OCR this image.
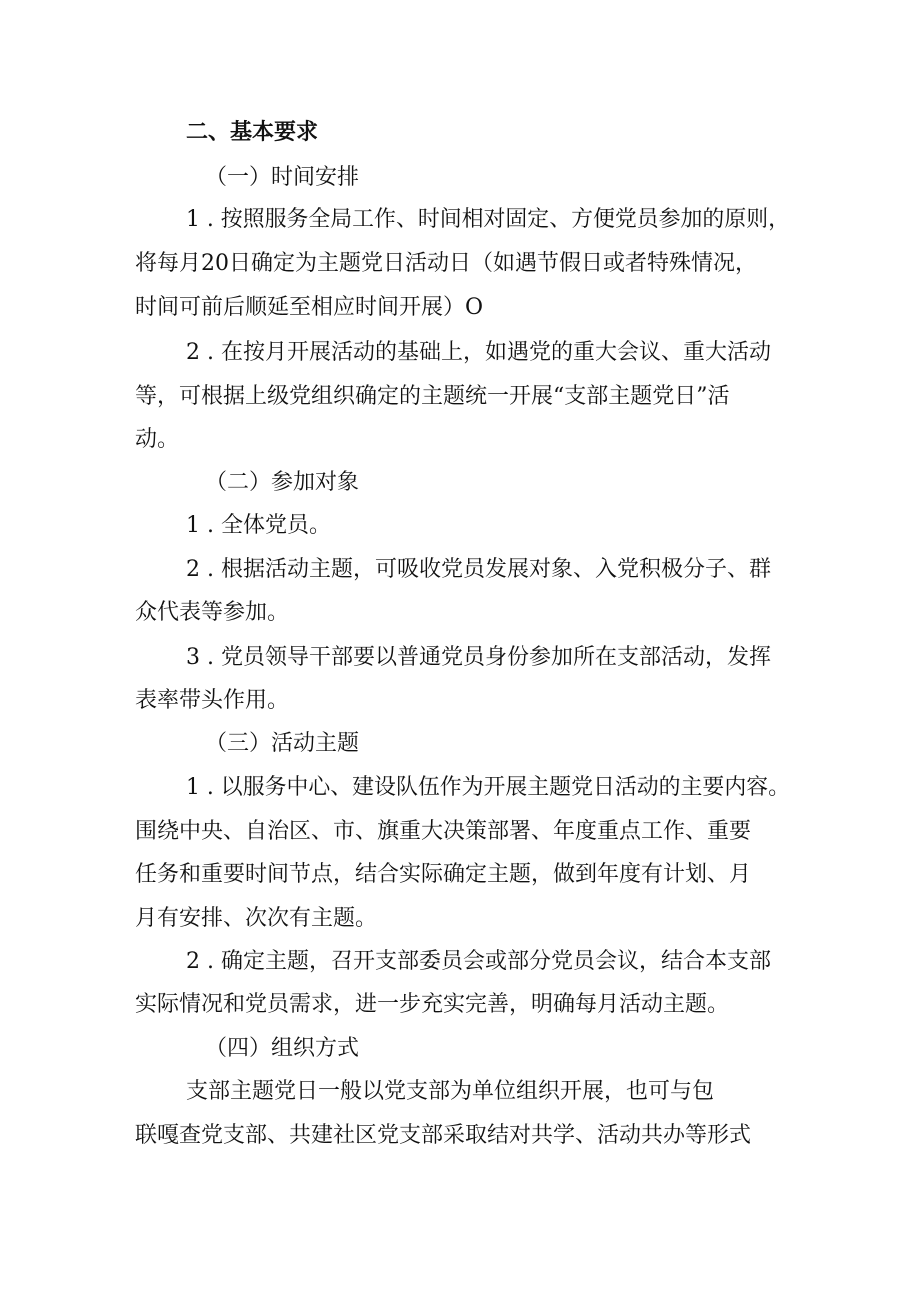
二、基本要求
（一）时间安排
1 . 按照服务全局工作、时间相对固定、方便党员参加的原则，
将每月20日确定为主题党日活动日（如遇节假日或者特殊情况，
时间可前后顺延至相应时间开展）O
2 . 在按月开展活动的基础上，如遇党的重大会议、重大活动
等，可根据上级党组织确定的主题统一开展“支部主题党日”活
动。
（二）参加对象
1 . 全体党员。
2 . 根据活动主题，可吸收党员发展对象、入党积极分子、群
众代表等参加。
3 . 党员领导干部要以普通党员身份参加所在支部活动，发挥
表率带头作用。
（三）活动主题
1 . 以服务中心、建设队伍作为开展主题党日活动的主要内容。
围绕中央、自治区、市、旗重大决策部署、年度重点工作、重要
任务和重要时间节点，结合实际确定主题，做到年度有计划、月
月有安排、次次有主题。
2 . 确定主题，召开支部委员会或部分党员会议，结合本支部
实际情况和党员需求，进一步充实完善，明确每月活动主题。
（四）组织方式
支部主题党日一般以党支部为单位组织开展，也可与包
联嘎查党支部、共建社区党支部采取结对共学、活动共办等形式
